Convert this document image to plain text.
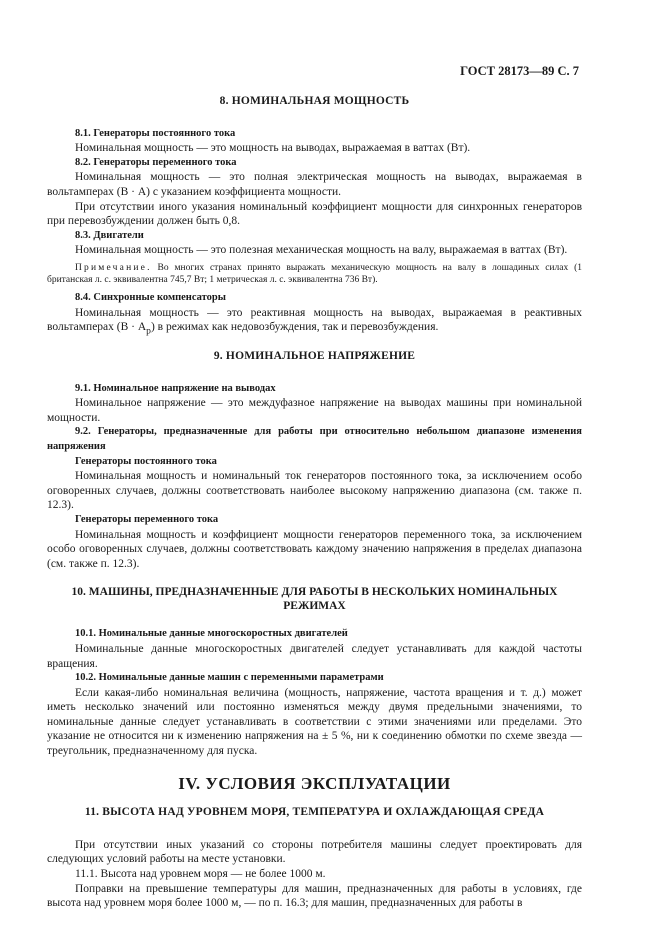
ГОСТ 28173—89 С. 7

8. НОМИНАЛЬНАЯ МОЩНОСТЬ

8.1. Генераторы постоянного тока

Номинальная мощность — это мощность на выводах, выражаемая в ваттах (Вт).

8.2. Генераторы переменного тока

Номинальная мощность — это полная электрическая мощность на выводах, выражаемая в вольтамперах (В · А) с указанием коэффициента мощности.

При отсутствии иного указания номинальный коэффициент мощности для синхронных генераторов при перевозбуждении должен быть 0,8.

8.3. Двигатели

Номинальная мощность — это полезная механическая мощность на валу, выражаемая в ваттах (Вт).

Примечание. Во многих странах принято выражать механическую мощность на валу в лошадиных силах (1 британская л. с. эквивалентна 745,7 Вт; 1 метрическая л. с. эквивалентна 736 Вт).

8.4. Синхронные компенсаторы

Номинальная мощность — это реактивная мощность на выводах, выражаемая в реактивных вольтамперах $(В \cdot А_р)$ в режимах как недовозбуждения, так и перевозбуждения.

9. НОМИНАЛЬНОЕ НАПРЯЖЕНИЕ

9.1. Номинальное напряжение на выводах

Номинальное напряжение — это междуфазное напряжение на выводах машины при номинальной мощности.

9.2. Генераторы, предназначенные для работы при относительно небольшом диапазоне изменения напряжения

Генераторы постоянного тока

Номинальная мощность и номинальный ток генераторов постоянного тока, за исключением особо оговоренных случаев, должны соответствовать наиболее высокому напряжению диапазона (см. также п. 12.3).

Генераторы переменного тока

Номинальная мощность и коэффициент мощности генераторов переменного тока, за исключением особо оговоренных случаев, должны соответствовать каждому значению напряжения в пределах диапазона (см. также п. 12.3).

10. МАШИНЫ, ПРЕДНАЗНАЧЕННЫЕ ДЛЯ РАБОТЫ В НЕСКОЛЬКИХ НОМИНАЛЬНЫХ
РЕЖИМАХ

10.1. Номинальные данные многоскоростных двигателей

Номинальные данные многоскоростных двигателей следует устанавливать для каждой частоты вращения.

10.2. Номинальные данные машин с переменными параметрами

Если какая-либо номинальная величина (мощность, напряжение, частота вращения и т. д.) может иметь несколько значений или постоянно изменяться между двумя предельными значениями, то номинальные данные следует устанавливать в соответствии с этими значениями или пределами. Это указание не относится ни к изменению напряжения на ± 5 %, ни к соединению обмотки по схеме звезда — треугольник, предназначенному для пуска.

IV. УСЛОВИЯ ЭКСПЛУАТАЦИИ

11. ВЫСОТА НАД УРОВНЕМ МОРЯ, ТЕМПЕРАТУРА И ОХЛАЖДАЮЩАЯ СРЕДА

При отсутствии иных указаний со стороны потребителя машины следует проектировать для следующих условий работы на месте установки.

11.1. Высота над уровнем моря — не более 1000 м.

Поправки на превышение температуры для машин, предназначенных для работы в условиях, где высота над уровнем моря более 1000 м, — по п. 16.3; для машин, предназначенных для работы в
